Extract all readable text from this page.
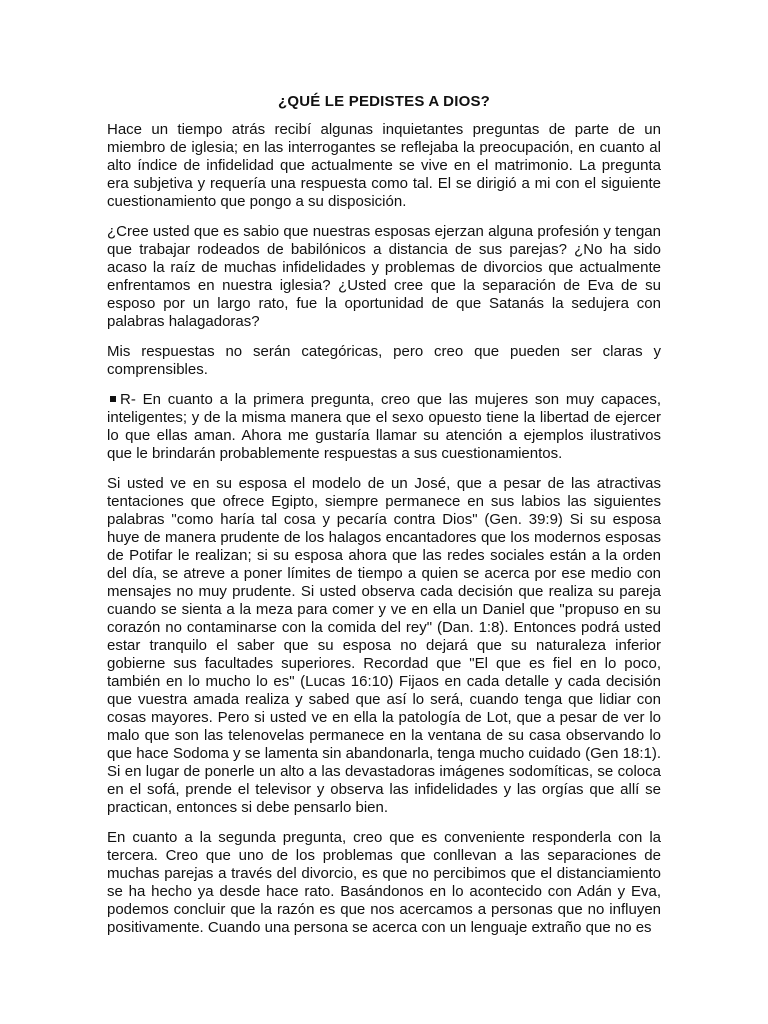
¿QUÉ LE PEDISTES A DIOS?

Hace un tiempo atrás recibí algunas inquietantes preguntas de parte de un miembro de iglesia; en las interrogantes se reflejaba la preocupación, en cuanto al alto índice de infidelidad que actualmente se vive en el matrimonio. La pregunta era subjetiva y requería una respuesta como tal. El se dirigió a mi con el siguiente cuestionamiento que pongo a su disposición.

¿Cree usted que es sabio que nuestras esposas ejerzan alguna profesión y tengan que trabajar rodeados de babilónicos a distancia de sus parejas? ¿No ha sido acaso la raíz de muchas infidelidades y problemas de divorcios que actualmente enfrentamos en nuestra iglesia? ¿Usted cree que la separación de Eva de su esposo por un largo rato, fue la oportunidad de que Satanás la sedujera con palabras halagadoras?

Mis respuestas no serán categóricas, pero creo que pueden ser claras y comprensibles.

R- En cuanto a la primera pregunta, creo que las mujeres son muy capaces, inteligentes; y de la misma manera que el sexo opuesto tiene la libertad de ejercer lo que ellas aman. Ahora me gustaría llamar su atención a ejemplos ilustrativos que le brindarán probablemente respuestas a sus cuestionamientos.

Si usted ve en su esposa el modelo de un José, que a pesar de las atractivas tentaciones que ofrece Egipto, siempre permanece en sus labios las siguientes palabras "como haría tal cosa y pecaría contra Dios" (Gen. 39:9) Si su esposa huye de manera prudente de los halagos encantadores que los modernos esposas de Potifar le realizan; si su esposa ahora que las redes sociales están a la orden del día, se atreve a poner límites de tiempo a quien se acerca por ese medio con mensajes no muy prudente. Si usted observa cada decisión que realiza su pareja cuando se sienta a la meza para comer y ve en ella un Daniel que "propuso en su corazón no contaminarse con la comida del rey" (Dan. 1:8). Entonces podrá usted estar tranquilo el saber que su esposa no dejará que su naturaleza inferior gobierne sus facultades superiores. Recordad que "El que es fiel en lo poco, también en lo mucho lo es" (Lucas 16:10) Fijaos en cada detalle y cada decisión que vuestra amada realiza y sabed que así lo será, cuando tenga que lidiar con cosas mayores. Pero si usted ve en ella la patología de Lot, que a pesar de ver lo malo que son las telenovelas permanece en la ventana de su casa observando lo que hace Sodoma y se lamenta sin abandonarla, tenga mucho cuidado (Gen 18:1). Si en lugar de ponerle un alto a las devastadoras imágenes sodomíticas, se coloca en el sofá, prende el televisor y observa las infidelidades y las orgías que allí se practican, entonces si debe pensarlo bien.

En cuanto a la segunda pregunta, creo que es conveniente responderla con la tercera. Creo que uno de los problemas que conllevan a las separaciones de muchas parejas a través del divorcio, es que no percibimos que el distanciamiento se ha hecho ya desde hace rato. Basándonos en lo acontecido con Adán y Eva, podemos concluir que la razón es que nos acercamos a personas que no influyen positivamente. Cuando una persona se acerca con un lenguaje extraño que no es
